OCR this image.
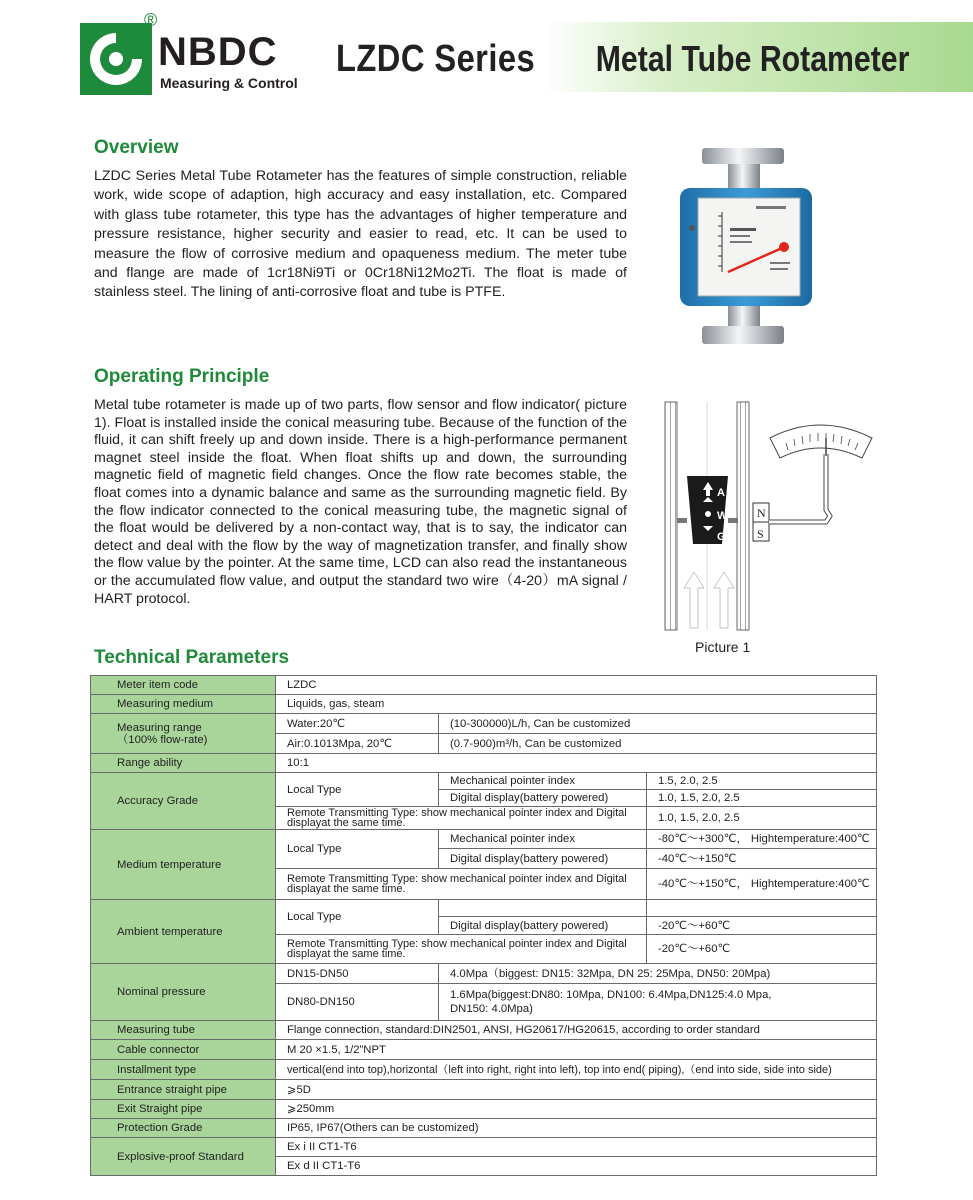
®
NBDC
Measuring & Control
LZDC Series Metal Tube Rotameter
Overview
LZDC Series Metal Tube Rotameter has the features of simple construction, reliable work, wide scope of adaption, high accuracy and easy installation, etc. Compared with glass tube rotameter, this type has the advantages of higher temperature and pressure resistance, higher security and easier to read, etc. It can be used to measure the flow of corrosive medium and opaqueness medium. The meter tube and flange are made of 1cr18Ni9Ti or 0Cr18Ni12Mo2Ti. The float is made of stainless steel. The lining of anti-corrosive float and tube is PTFE.
Operating Principle
Metal tube rotameter is made up of two parts, flow sensor and flow indicator( picture 1). Float is installed inside the conical measuring tube. Because of the function of the fluid, it can shift freely up and down inside. There is a high-performance permanent magnet steel inside the float. When float shifts up and down, the surrounding magnetic field of magnetic field changes. Once the flow rate becomes stable, the float comes into a dynamic balance and same as the surrounding magnetic field. By the flow indicator connected to the conical measuring tube, the magnetic signal of the float would be delivered by a non-contact way, that is to say, the indicator can detect and deal with the flow by the way of magnetization transfer, and finally show the flow value by the pointer. At the same time, LCD can also read the instantaneous or the accumulated flow value, and output the standard two wire（4-20）mA signal / HART protocol.
A
W
G
N
S
Picture 1
Technical Parameters
Meter item code	LZDC		
Measuring medium	Liquids, gas, steam		

Measuring range
（100% flow-rate)	Water:20℃	(10-300000)L/h, Can be customized	
	Air:0.1013Mpa, 20℃	(0.7-900)m³/h, Can be customized	
Range ability	10:1		
Accuracy Grade	Local Type	Mechanical pointer index	1.5, 2.0, 2.5
		Digital display(battery powered)	1.0, 1.5, 2.0, 2.5
	Remote Transmitting Type: show mechanical pointer index and Digital displayat the same time.		1.0, 1.5, 2.0, 2.5
Medium temperature	Local Type	Mechanical pointer index	-80℃～+300℃， Hightemperature:400℃
		Digital display(battery powered)	-40℃～+150℃
	Remote Transmitting Type: show mechanical pointer index and Digital displayat the same time.		-40℃～+150℃， Hightemperature:400℃
Ambient temperature	Local Type		
		Digital display(battery powered)	-20℃～+60℃
	Remote Transmitting Type: show mechanical pointer index and Digital displayat the same time.		-20℃～+60℃
Nominal pressure	DN15-DN50	4.0Mpa（biggest: DN15: 32Mpa, DN 25: 25Mpa, DN50: 20Mpa)	
	DN80-DN150	1.6Mpa(biggest:DN80: 10Mpa, DN100: 6.4Mpa,DN125:4.0 Mpa,
DN150: 4.0Mpa)	

Measuring tube	Flange connection, standard:DIN2501, ANSI, HG20617/HG20615, according to order standard		
Cable connector	M 20 ×1.5, 1/2”NPT		
Installment type	vertical(end into top),horizontal（left into right, right into left), top into end( piping),（end into side, side into side)		
Entrance straight pipe	⩾5D		
Exit Straight pipe	⩾250mm		
Protection Grade	IP65, IP67(Others can be customized)		
Explosive-proof Standard	Ex i II CT1-T6		
	Ex d II CT1-T6		
